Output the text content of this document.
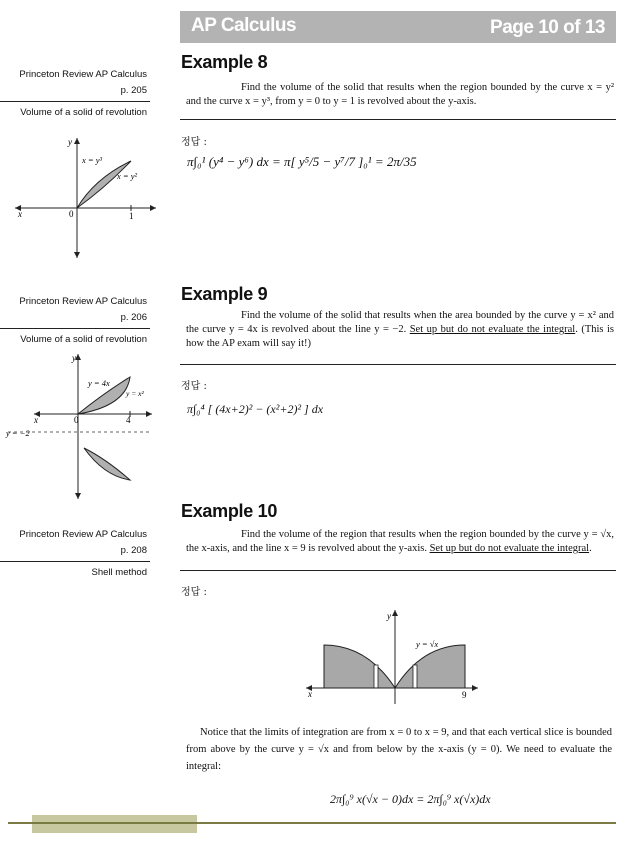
AP Calculus	Page 10 of 13
Princeton Review AP Calculus
p. 205
Volume of a solid of revolution
x
y
0	1
x = y³
x = y²
Example 8
Find the volume of the solid that results when the region bounded by the curve x = y² and the curve x = y³, from y = 0 to y = 1 is revolved about the y-axis.
정답 :
π∫₀¹ (y⁴ − y⁶) dx = π[ y⁵/5 − y⁷/7 ]₀¹ = 2π/35
Princeton Review AP Calculus
p. 206
Volume of a solid of revolution
x
y
0	4
y = 4x
y = x²
y = −2
Example 9
Find the volume of the solid that results when the area bounded by the curve y = x² and the curve y = 4x is revolved about the line y = −2. Set up but do not evaluate the integral. (This is how the AP exam will say it!)
정답 :
π∫₀⁴ [ (4x+2)² − (x²+2)² ] dx
Princeton Review AP Calculus
p. 208
Shell method
Example 10
Find the volume of the region that results when the region bounded by the curve y = √x, the x-axis, and the line x = 9 is revolved about the y-axis. Set up but do not evaluate the integral.
정답 :
x
y
9
y = √x
Notice that the limits of integration are from x = 0 to x = 9, and that each vertical slice is bounded from above by the curve y = √x and from below by the x-axis (y = 0). We need to evaluate the integral:
2π∫₀⁹ x(√x − 0)dx = 2π∫₀⁹ x(√x)dx
